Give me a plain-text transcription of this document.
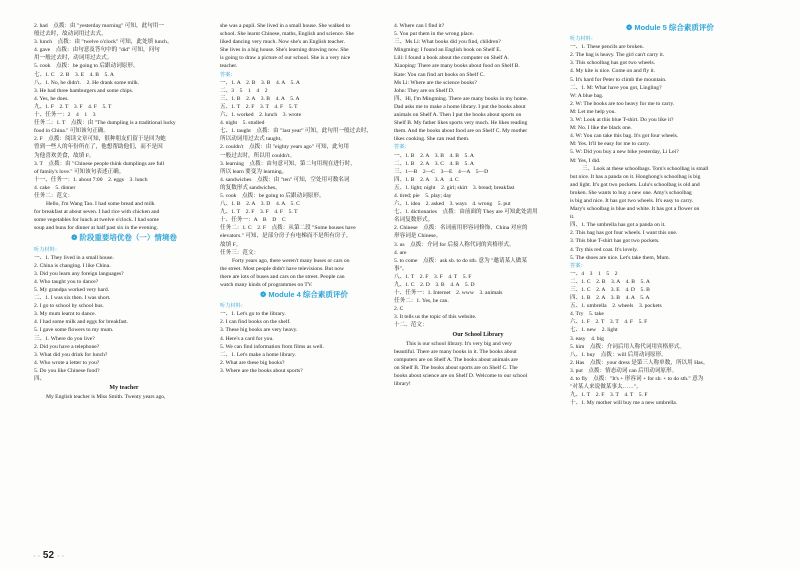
2. had　点拨：由 "yesterday morning" 可知，此句用一
般过去时，故动词用过去式。
3. lunch　点拨：由 "twelve o'clock" 可知，此处填 lunch。
4. gave　点拨：由句意及答句中的 "did" 可知，问句
用一般过去时，动词用过去式。
5. cook　点拨：be going to 后跟动词原形。
七、1. C　2. B　3. E　4. B　5. A
八、1. No, he didn't.　2. He drank some milk.
3. He had three hamburgers and some chips.
4. Yes, he does.
九、1. F　2. T　3. F　4. F　5. T
十、任务一：2　4　1　3
任务二：1. T　点拨：由 "The dumpling is a traditional lucky
food in China." 可知该句正确。
2. F　点拨：阅读文章可知，很种朋友们留于是回为她
曾到一些人的年份所在了，他想帮助他们，而不是因
为他喜欢美食，故填 F。
3. T　点拨：由 "Chinese people think dumplings are full
of family's love." 可知该句表述正确。
十一、任务一：1. about 7:00　2. eggs　3. lunch
4. cake　5. dinner
任务二：范文：
Hello, I'm Wang Tao. I had some bread and milk
for breakfast at about seven. I had rice with chicken and
some vegetables for lunch at twelve o'clock. I had some
soup and buns for dinner at half past six in the evening.
❁ 阶段重要培优卷（一）情境卷
听力材料：
一、1. They lived in a small house.
2. China is changing. I like China.
3. Did you learn any foreign languages?
4. Who taught you to dance?
5. My grandpa worked very hard.
二、1. I was six then. I was short.
2. I go to school by school bus.
3. My mum learnt to dance.
4. I had some milk and eggs for breakfast.
5. I gave some flowers to my mum.
三、1. Where do you live?
2. Did you have a telephone?
3. What did you drink for lunch?
4. Who wrote a letter to you?
5. Do you like Chinese food?
四、
My teacher
My English teacher is Miss Smith. Twenty years ago,
she was a pupil. She lived in a small house. She walked to
school. She learnt Chinese, maths, English and science. She
liked dancing very much. Now she's an English teacher.
She lives in a big house. She's learning drawing now. She
is going to draw a picture of our school. She is a very nice
teacher.
答案：
一、1. A　2. B　3. B　4. A　5. A
二、3　5　1　4　2
三、1. B　2. A　3. B　4. A　5. A
五、1. T　2. F　3. T　4. F　5. T
六、1. worked　2. lunch　3. wrote
4. night　5. studied
七、1. taught　点拨：由 "last year" 可知，此句用一般过去时，
所以动词用过去式 taught。
2. couldn't　点拨：由 "eighty years ago" 可知，此句用
一般过去时，所以用 couldn't。
3. learning　点拨：由句意可知，第二句用现在进行时，
所以 learn 要变为 learning。
4. sandwiches　点拨：由 "ten" 可知，空处用可数名词
的复数形式 sandwiches。
5. cook　点拨：be going to 后跟动词原形。
八、1. B　2. A　3. D　4. A　5. C
九、1. T　2. F　3. F　4. F　5. T
十、任务一：A　B　D　C
任务二：1. C　2. F　点拨：从第二段 "Some houses have
elevators." 可知，是部分房子有电梯而不是所有房子，
故填 F。
任务三：范文：
Forty years ago, there weren't many buses or cars on
the street. Most people didn't have televisions. But now
there are lots of buses and cars on the street. People can
watch many kinds of programmes on TV.
❁ Module 4 综合素质评价
听力材料：
一、1. Let's go to the library.
2. I can find books on the shelf.
3. These big books are very heavy.
4. Here's a card for you.
5. We can find information from films as well.
二、1. Let's make a home library.
2. What are these big books?
3. Where are the books about sports?
4. Where can I find it?
5. You put them in the wrong place.
三、Ms Li: What books did you find, children?
Mingming: I found an English book on Shelf E.
Lili: I found a book about the computer on Shelf A.
Xiaoping: There are many books about food on Shelf B.
Kate: You can find art books on Shelf C.
Ms Li: Where are the science books?
John: They are on Shelf D.
四、Hi, I'm Mingming. There are many books in my home.
Dad asks me to make a home library. I put the books about
animals on Shelf A. Then I put the books about sports on
Shelf B. My father likes sports very much. He likes reading
them. And the books about food are on Shelf C. My mother
likes cooking. She can read them.
答案：
一、1. B　2. A　3. B　4. B　5. A
二、1. B　2. A　3. C　4. B　5. A
三、1—B　2—C　3—E　4—A　5—D
四、1. B　2. A　3. A　4. C
五、1. light; night　2. girl; skirt　3. bread; breakfast
4. tired; pie　5. play; day
六、1. idea　2. asked　3. ways　4. wrong　5. put
七、1. dictionaries　点拨：由前面的 They are 可知此处需用
名词复数形式。
2. Chinese　点拨：名词前用形容词修饰，China 对应的
形容词是 Chinese。
3. us　点拨：介词 for 后接人称代词的宾格形式。
4. are
5. to come　点拨：ask sb. to do sth. 意为 "邀请某人做某
事"。
八、1. T　2. F　3. F　4. T　5. F
九、1. C　2. D　3. B　4. A　5. D
十、任务一：1. Internet　2. www　3. animals
任务二：1. Yes, he can.
2. C
3. It tells us the topic of this website.
十二、范文：
Our School Library
This is our school library. It's very big and very
beautiful. There are many books in it. The books about
computers are on Shelf A. The books about animals are
on Shelf B. The books about sports are on Shelf C. The
books about science are on Shelf D. Welcome to our school
library!
❁ Module 5 综合素质评价
听力材料：
一、1. These pencils are broken.
2. The bag is heavy. The girl can't carry it.
3. This schoolbag has got two wheels.
4. My kite is nice. Come on and fly it.
5. It's hard for Peter to climb the mountain.
二、1. M: What have you got, Lingling?
W: A blue bag.
2. W: The books are too heavy for me to carry.
M: Let me help you.
3. W: Look at this blue T-shirt. Do you like it?
M: No. I like the black one.
4. W: You can take this bag. It's got four wheels.
M: Yes. It'll be easy for me to carry.
5. W: Did you buy a new bike yesterday, Li Lei?
M: Yes, I did.
三、Look at these schoolbags. Tom's schoolbag is small
but nice. It has a panda on it. Honghong's schoolbag is big
and light. It's got two pockets. Lulu's schoolbag is old and
broken. She wants to buy a new one. Amy's schoolbag
is big and nice. It has got two wheels. It's easy to carry.
Mary's schoolbag is blue and white. It has got a flower on
it.
四、1. The umbrella has got a panda on it.
2. This bag has got four wheels. I want this one.
3. This blue T-shirt has got two pockets.
4. Try this red coat. It's lovely.
5. The shoes are nice. Let's take them, Mum.
答案：
一、4　3　1　5　2
二、1. C　2. B　3. A　4. B　5. A
三、1. C　2. A　3. E　4. D　5. B
四、1. B　2. A　3. B　4. A　5. A
五、1. umbrella　2. wheels　3. pockets
4. Try　5. take
六、1. F　2. T　3. T　4. F　5. F
七、1. new　2. light
3. easy　4. big
5. him　点拨：介词后用人称代词用宾格形式。
八、1. buy　点拨：will 后用动词原形。
2. Has　点拨：your dress 是第三人称单数，所以用 Has。
3. put　点拨：情态动词 can 后用动词原形。
4. to fly　点拨："It's + 形容词 + for sb. + to do sth." 意为
"对某人来说做某事太……"。
九、1. T　2. F　3. T　4. T　5. F
十、1. My mother will buy me a new umbrella.
◦ ◦ 52 ◦ ◦
